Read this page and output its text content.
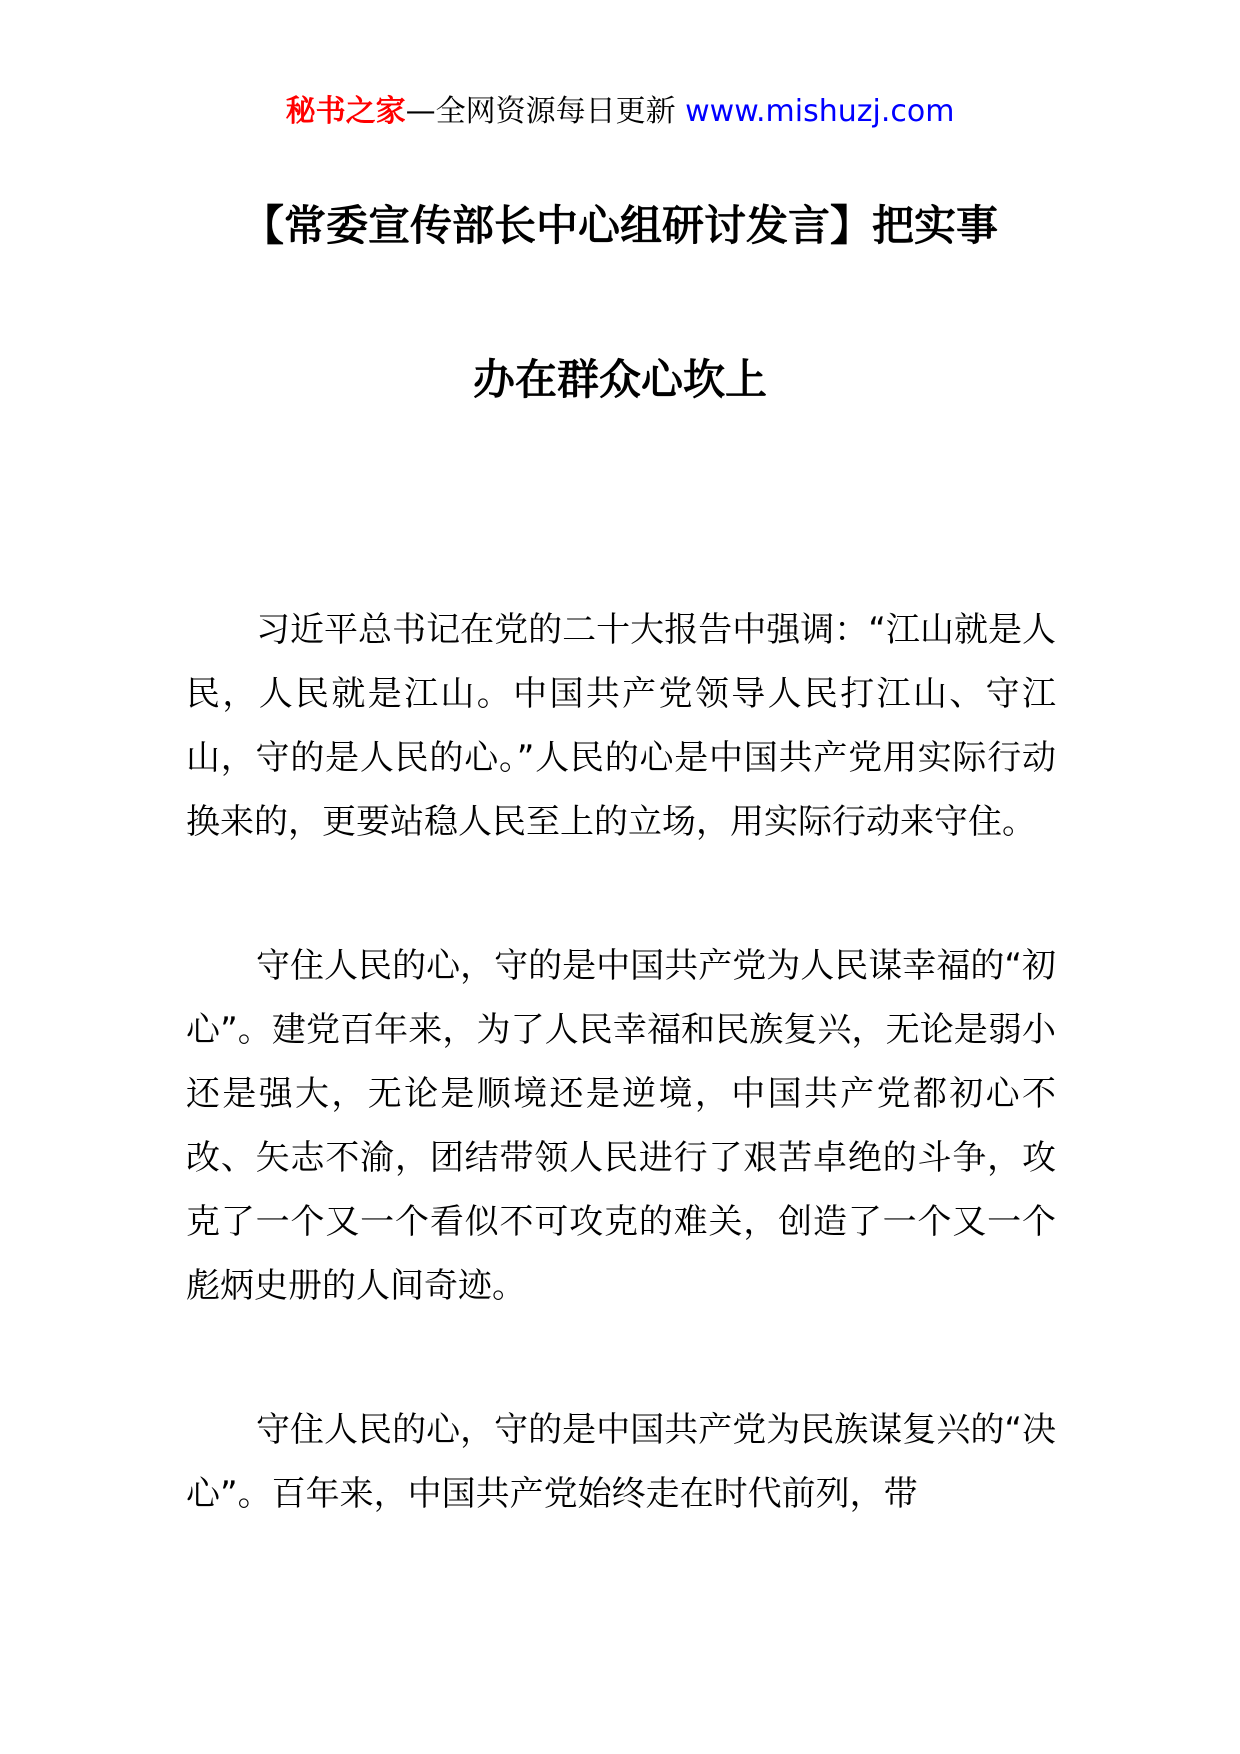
秘书之家—全网资源每日更新 www.mishuzj.com
【常委宣传部长中心组研讨发言】把实事
办在群众心坎上

习近平总书记在党的二十大报告中强调：“江山就是人民，人民就是江山。中国共产党领导人民打江山、守江山，守的是人民的心。”人民的心是中国共产党用实际行动换来的，更要站稳人民至上的立场，用实际行动来守住。

守住人民的心，守的是中国共产党为人民谋幸福的“初心”。建党百年来，为了人民幸福和民族复兴，无论是弱小还是强大，无论是顺境还是逆境，中国共产党都初心不改、矢志不渝，团结带领人民进行了艰苦卓绝的斗争，攻克了一个又一个看似不可攻克的难关，创造了一个又一个彪炳史册的人间奇迹。

守住人民的心，守的是中国共产党为民族谋复兴的“决心”。百年来，中国共产党始终走在时代前列，带
